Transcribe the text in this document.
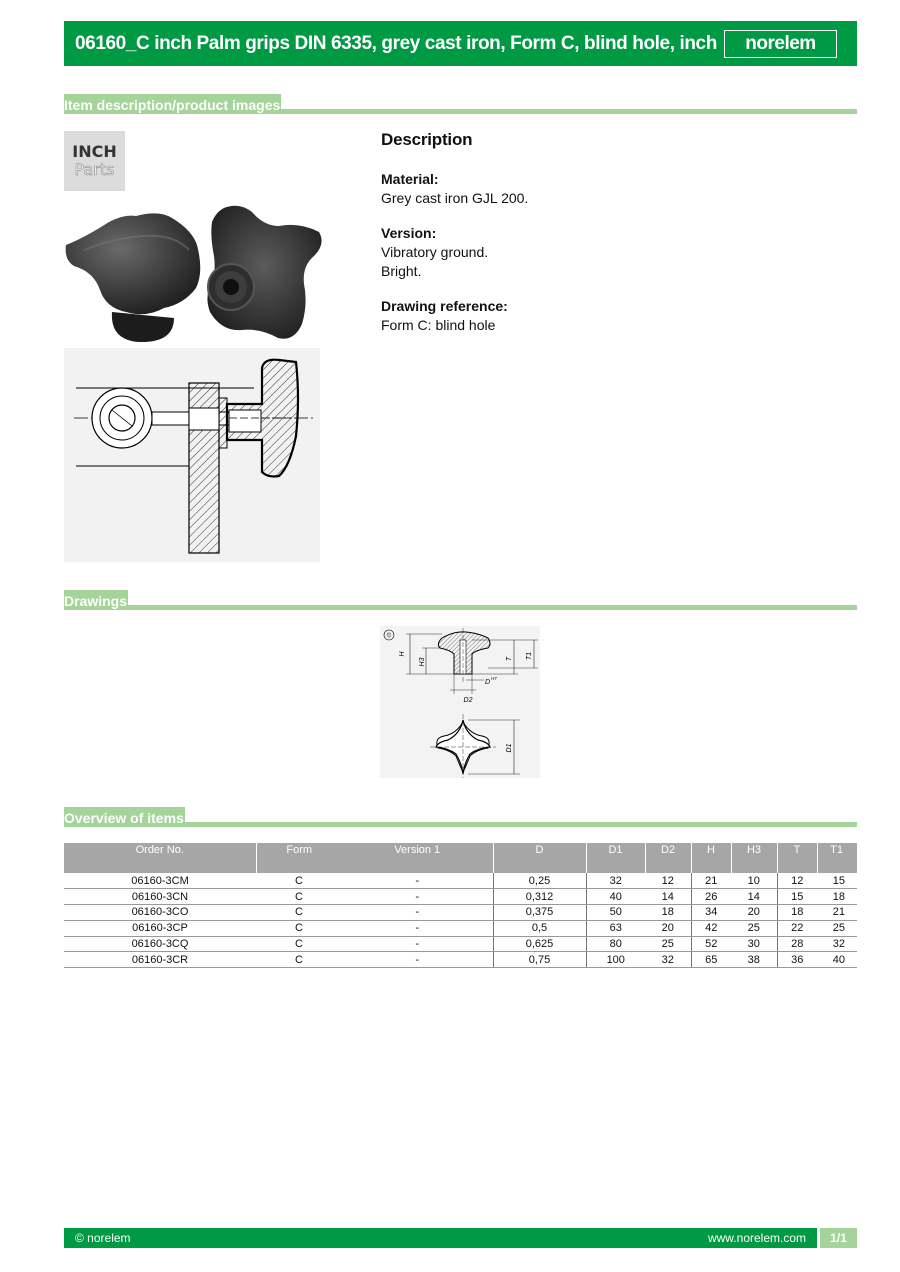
06160_C inch Palm grips DIN 6335, grey cast iron, Form C, blind hole, inch	norelem
Item description/product images
INCH
Parts
Description
Material:
Grey cast iron GJL 200.
Version:
Vibratory ground.
Bright.
Drawing reference:
Form C: blind hole
Drawings
©
H
H3	T T1
D
H7
D2
D1
Overview of items
Order No.	Form	Version 1	D	D1	D2	H	H3	T	T1
06160-3CM	C	-	0,25	32	12	21	10	12	15
06160-3CN	C	-	0,312	40	14	26	14	15	18
06160-3CO	C	-	0,375	50	18	34	20	18	21
06160-3CP	C	-	0,5	63	20	42	25	22	25
06160-3CQ	C	-	0,625	80	25	52	30	28	32
06160-3CR	C	-	0,75	100	32	65	38	36	40
© norelem	www.norelem.com	1/1
